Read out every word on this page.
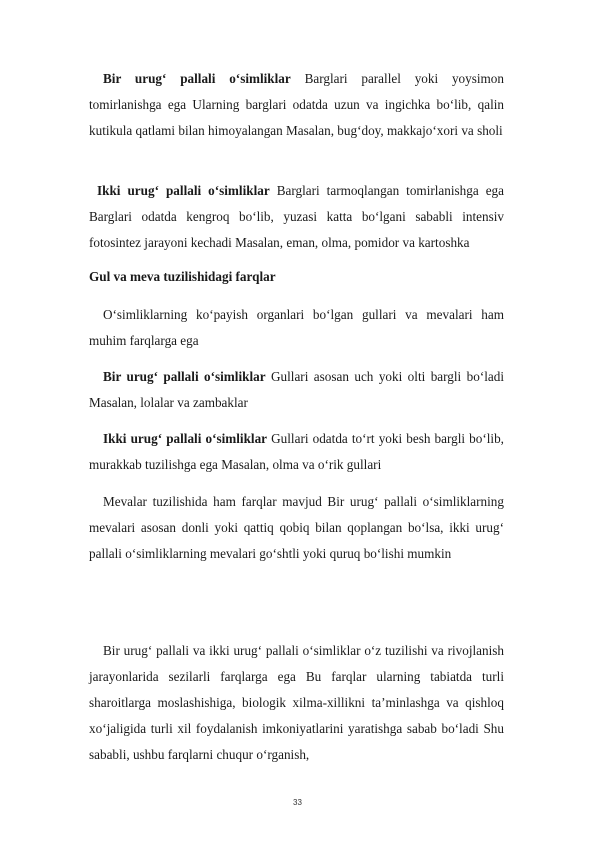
Bir urug‘ pallali o‘simliklar Barglari parallel yoki yoysimon tomirlanishga ega Ularning barglari odatda uzun va ingichka bo‘lib, qalin kutikula qatlami bilan himoyalangan Masalan, bug‘doy, makkajo‘xori va sholi

Ikki urug‘ pallali o‘simliklar Barglari tarmoqlangan tomirlanishga ega Barglari odatda kengroq bo‘lib, yuzasi katta bo‘lgani sababli intensiv fotosintez jarayoni kechadi Masalan, eman, olma, pomidor va kartoshka

Gul va meva tuzilishidagi farqlar

O‘simliklarning ko‘payish organlari bo‘lgan gullari va mevalari ham muhim farqlarga ega

Bir urug‘ pallali o‘simliklar Gullari asosan uch yoki olti bargli bo‘ladi Masalan, lolalar va zambaklar

Ikki urug‘ pallali o‘simliklar Gullari odatda to‘rt yoki besh bargli bo‘lib, murakkab tuzilishga ega Masalan, olma va o‘rik gullari

Mevalar tuzilishida ham farqlar mavjud Bir urug‘ pallali o‘simliklarning mevalari asosan donli yoki qattiq qobiq bilan qoplangan bo‘lsa, ikki urug‘ pallali o‘simliklarning mevalari go‘shtli yoki quruq bo‘lishi mumkin

Bir urug‘ pallali va ikki urug‘ pallali o‘simliklar o‘z tuzilishi va rivojlanish jarayonlarida sezilarli farqlarga ega Bu farqlar ularning tabiatda turli sharoitlarga moslashishiga, biologik xilma-xillikni ta’minlashga va qishloq xo‘jaligida turli xil foydalanish imkoniyatlarini yaratishga sabab bo‘ladi Shu sababli, ushbu farqlarni chuqur o‘rganish,

33
